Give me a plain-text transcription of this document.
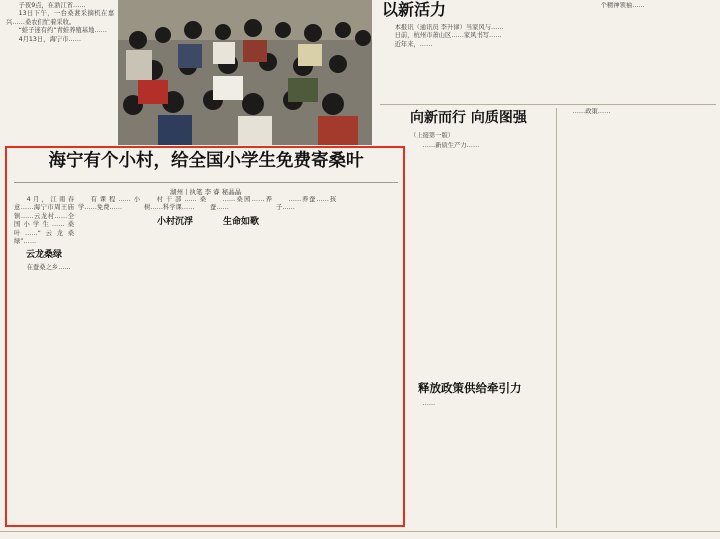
子夜9点，在浙江省……

13日下午，一台桑葚采摘机在嘉兴……桑农们忙着采收。

“蛙子迷有约”青蛙养殖基地……

4月13日，海宁市……

以新活力

本报讯（通讯员 李升律）当家风与……

日前，杭州市萧山区……家风书写……

近年来，……

个精神领袖……

向新而行 向质图强
（上接第一版）

……新质生产力……

……政策……

释放政策供给牵引力

……

海宁有个小村，给全国小学生免费寄桑叶
湖州丨执笔 李 睿 秘晶晶

4月，江南春意……海宁市周王庙镇……云龙村……全国小学生……桑叶……“云龙桑绿”……

云龙桑绿

在蚕桑之乡……

有课程……小学……免费……

村干部……桑树……科学课……

小村沉浮

……桑园……养蚕……

生命如歌

……养蚕……孩子……
